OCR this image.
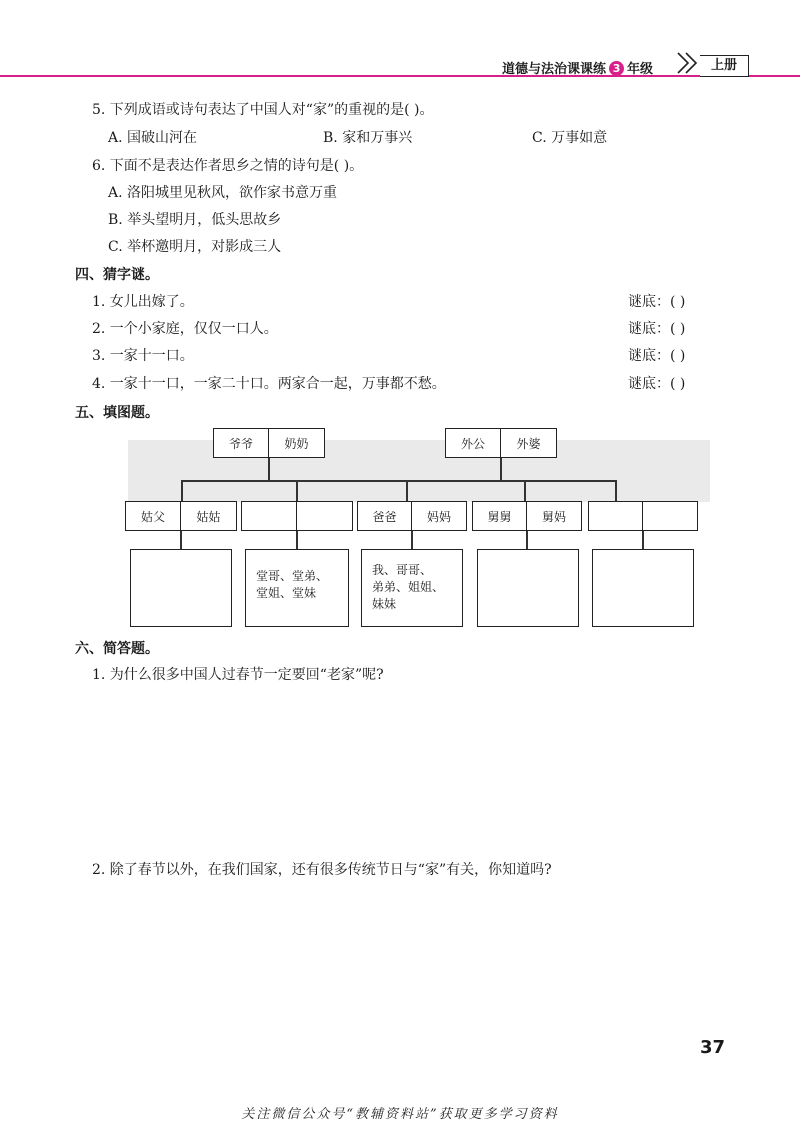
道德与法治课课练 3 年级	上册
5. 下列成语或诗句表达了中国人对“家”的重视的是( )。
A. 国破山河在	B. 家和万事兴	C. 万事如意
6. 下面不是表达作者思乡之情的诗句是( )。
A. 洛阳城里见秋风，欲作家书意万重
B. 举头望明月，低头思故乡
C. 举杯邀明月，对影成三人
四、猜字谜。
1. 女儿出嫁了。	谜底：( )
2. 一个小家庭，仅仅一口人。	谜底：( )
3. 一家十一口。	谜底：( )
4. 一家十一口，一家二十口。两家合一起，万事都不愁。	谜底：( )
五、填图题。
爷爷	奶奶	外公	外婆
姑父	姑姑	爸爸	妈妈	舅舅	舅妈
堂哥、堂弟、
堂姐、堂妹
我、哥哥、
弟弟、姐姐、
妹妹
六、简答题。
1. 为什么很多中国人过春节一定要回“老家”呢?
2. 除了春节以外，在我们国家，还有很多传统节日与“家”有关，你知道吗?
37
关注微信公众号“教辅资料站”获取更多学习资料
